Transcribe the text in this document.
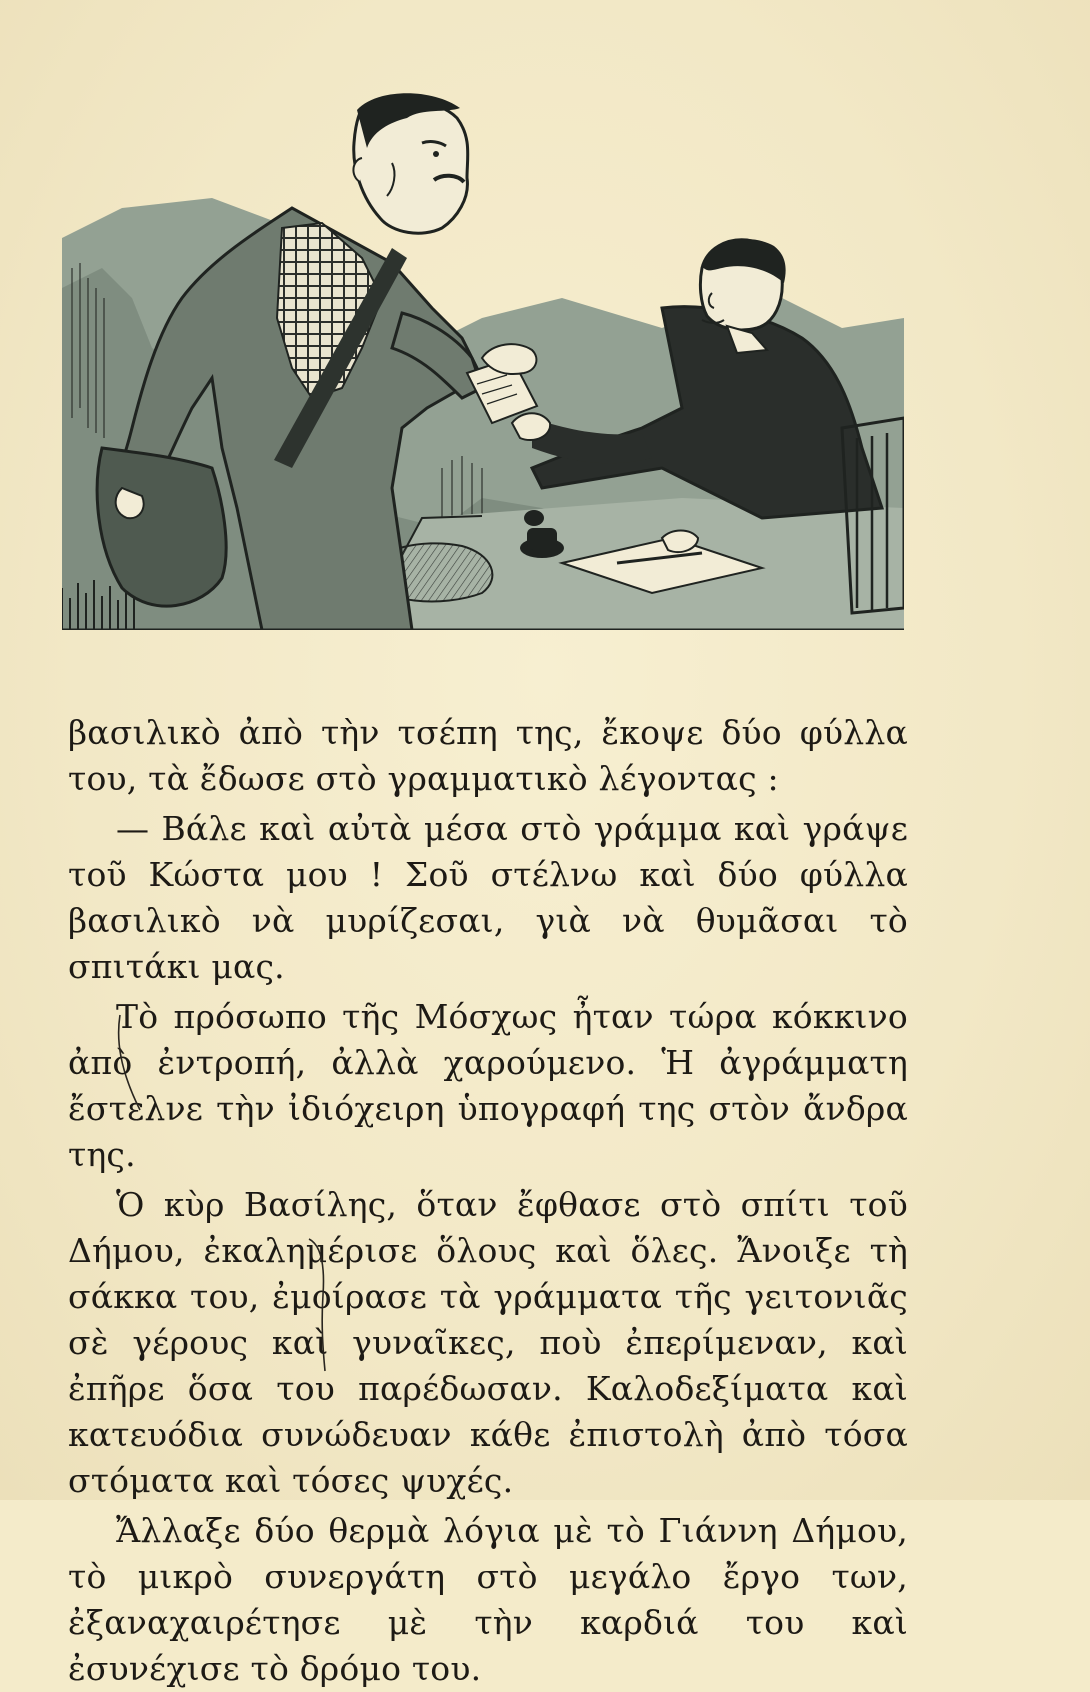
βασιλικὸ ἀπὸ τὴν τσέπη της, ἔκοψε δύο φύλλα του, τὰ ἔδωσε στὸ γραμματικὸ λέγοντας :

— Βάλε καὶ αὐτὰ μέσα στὸ γράμμα καὶ γράψε τοῦ Κώστα μου ! Σοῦ στέλνω καὶ δύο φύλλα βασιλικὸ νὰ μυρίζεσαι, γιὰ νὰ θυμᾶσαι τὸ σπιτάκι μας.

Τὸ πρόσωπο τῆς Μόσχως ἦταν τώρα κόκκινο ἀπὸ ἐντροπή, ἀλλὰ χαρούμενο. Ἡ ἀγράμματη ἔστελνε τὴν ἰδιόχειρη ὑπογραφή της στὸν ἄνδρα της.

Ὁ κὺρ Βασίλης, ὅταν ἔφθασε στὸ σπίτι τοῦ Δήμου, ἐκαλημέρισε ὅλους καὶ ὅλες. Ἄνοιξε τὴ σάκκα του, ἐμοίρασε τὰ γράμματα τῆς γειτονιᾶς σὲ γέρους καὶ γυναῖκες, ποὺ ἐπερίμεναν, καὶ ἐπῆρε ὅσα του παρέδωσαν. Καλοδεξίματα καὶ κατευόδια συνώδευαν κάθε ἐπιστολὴ ἀπὸ τόσα στόματα καὶ τόσες ψυχές.

Ἄλλαξε δύο θερμὰ λόγια μὲ τὸ Γιάννη Δήμου, τὸ μικρὸ συνεργάτη στὸ μεγάλο ἔργο των, ἐξαναχαιρέτησε μὲ τὴν καρδιά του καὶ ἐσυνέχισε τὸ δρόμο του.
